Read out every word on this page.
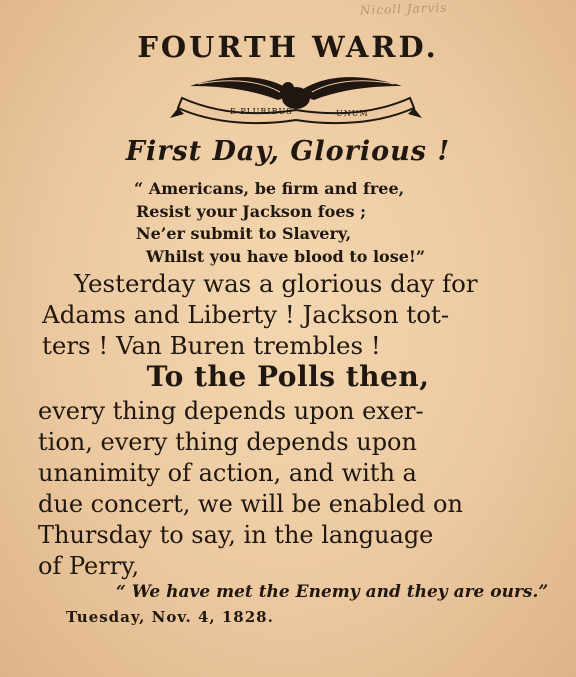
Nicoll Jarvis
FOURTH WARD.
E PLURIBUS	UNUM
First Day, Glorious !
“ Americans, be firm and free,
Resist your Jackson foes ;
Ne’er submit to Slavery,
Whilst you have blood to lose!”
Yesterday was a glorious day for
Adams and Liberty ! Jackson tot-
ters ! Van Buren trembles !
To the Polls then,
every thing depends upon exer-
tion, every thing depends upon
unanimity of action, and with a
due concert, we will be enabled on
Thursday to say, in the language
of Perry,
“ We have met the Enemy and they are ours.”
Tuesday, Nov. 4, 1828.
